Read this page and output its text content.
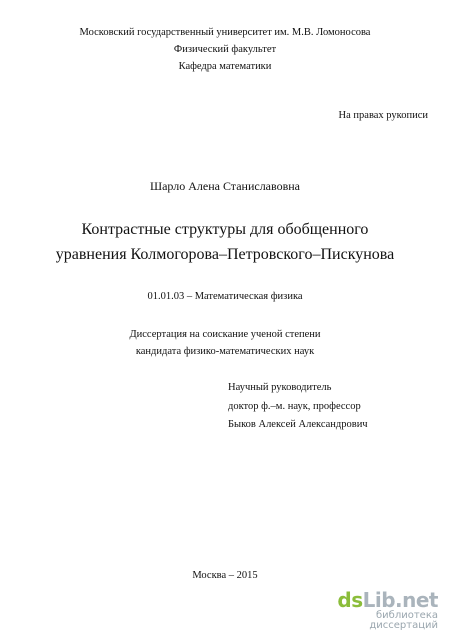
Московский государственный университет им. М.В. Ломоносова
Физический факультет
Кафедра математики
На правах рукописи
Шарло Алена Станиславовна
Контрастные структуры для обобщенного
уравнения Колмогорова–Петровского–Пискунова
01.01.03 – Математическая физика
Диссертация на соискание ученой степени
кандидата физико-математических наук
Научный руководитель
доктор ф.–м. наук, профессор
Быков Алексей Александрович
Москва – 2015
dsLib.net
библиотека диссертаций
